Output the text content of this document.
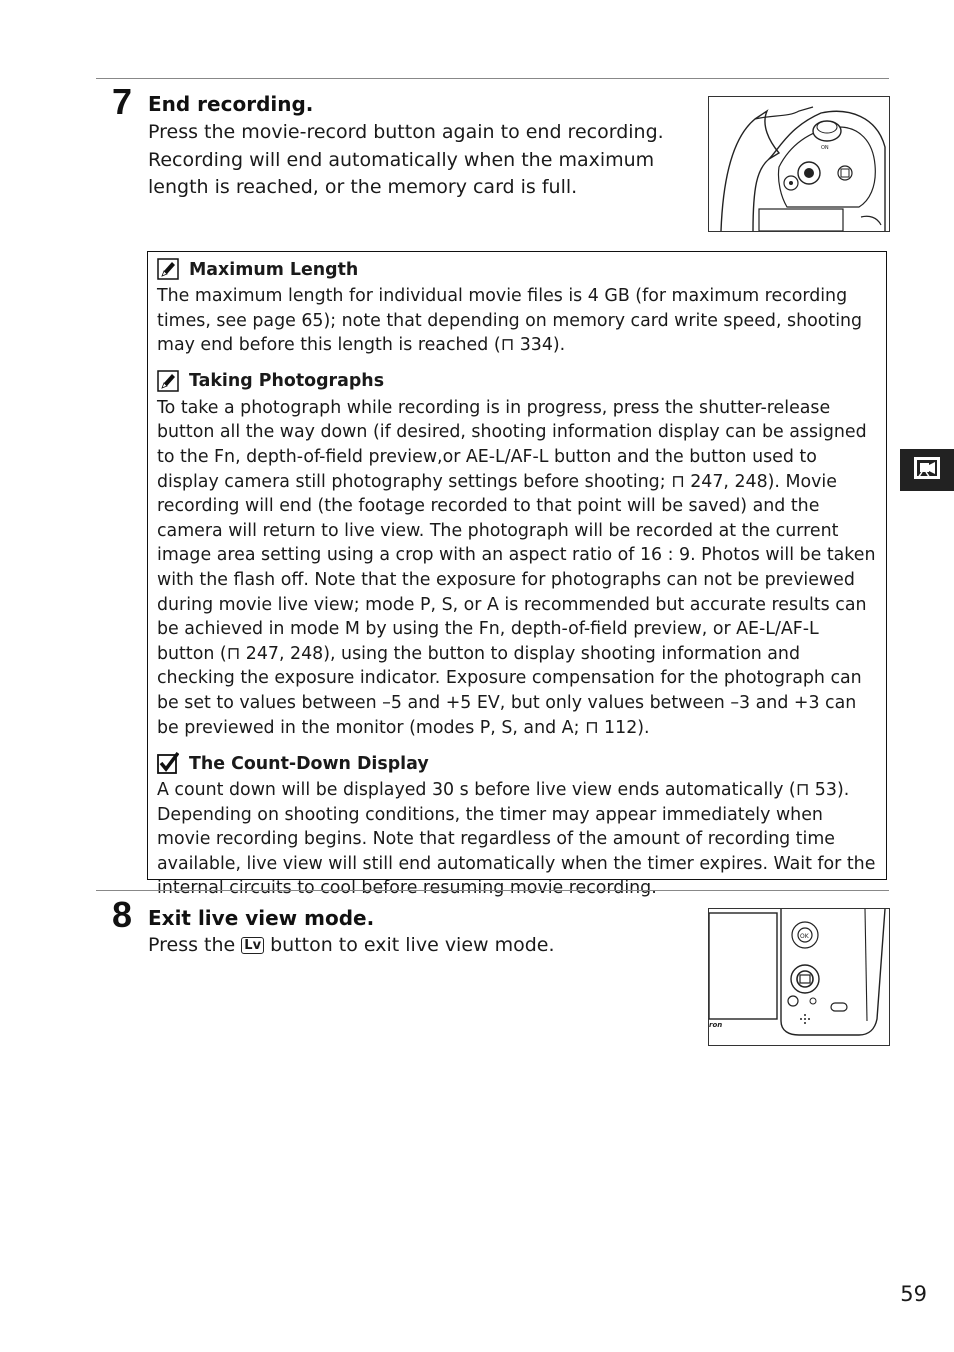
7 End recording.
Press the movie-record button again to end recording.
Recording will end automatically when the maximum
length is reached, or the memory card is full.
ON
Maximum Length

The maximum length for individual movie files is 4 GB (for maximum recording times, see page 65); note that depending on memory card write speed, shooting may end before this length is reached (⊓ 334).

Taking Photographs

To take a photograph while recording is in progress, press the shutter-release button all the way down (if desired, shooting information display can be assigned to the Fn, depth-of-field preview,or AE-L/AF-L button and the button used to display camera still photography settings before shooting; ⊓ 247, 248). Movie recording will end (the footage recorded to that point will be saved) and the camera will return to live view. The photograph will be recorded at the current image area setting using a crop with an aspect ratio of 16 : 9. Photos will be taken with the flash off. Note that the exposure for photographs can not be previewed during movie live view; mode P, S, or A is recommended but accurate results can be achieved in mode M by using the Fn, depth-of-field preview, or AE-L/AF-L button (⊓ 247, 248), using the button to display shooting information and checking the exposure indicator. Exposure compensation for the photograph can be set to values between –5 and +5 EV, but only values between –3 and +3 can be previewed in the monitor (modes P, S, and A; ⊓ 112).

The Count-Down Display

A count down will be displayed 30 s before live view ends automatically (⊓ 53). Depending on shooting conditions, the timer may appear immediately when movie recording begins. Note that regardless of the amount of recording time available, live view will still end automatically when the timer expires. Wait for the internal circuits to cool before resuming movie recording.

8 Exit live view mode.
Press the Lv button to exit live view mode.	OK
ron
59
